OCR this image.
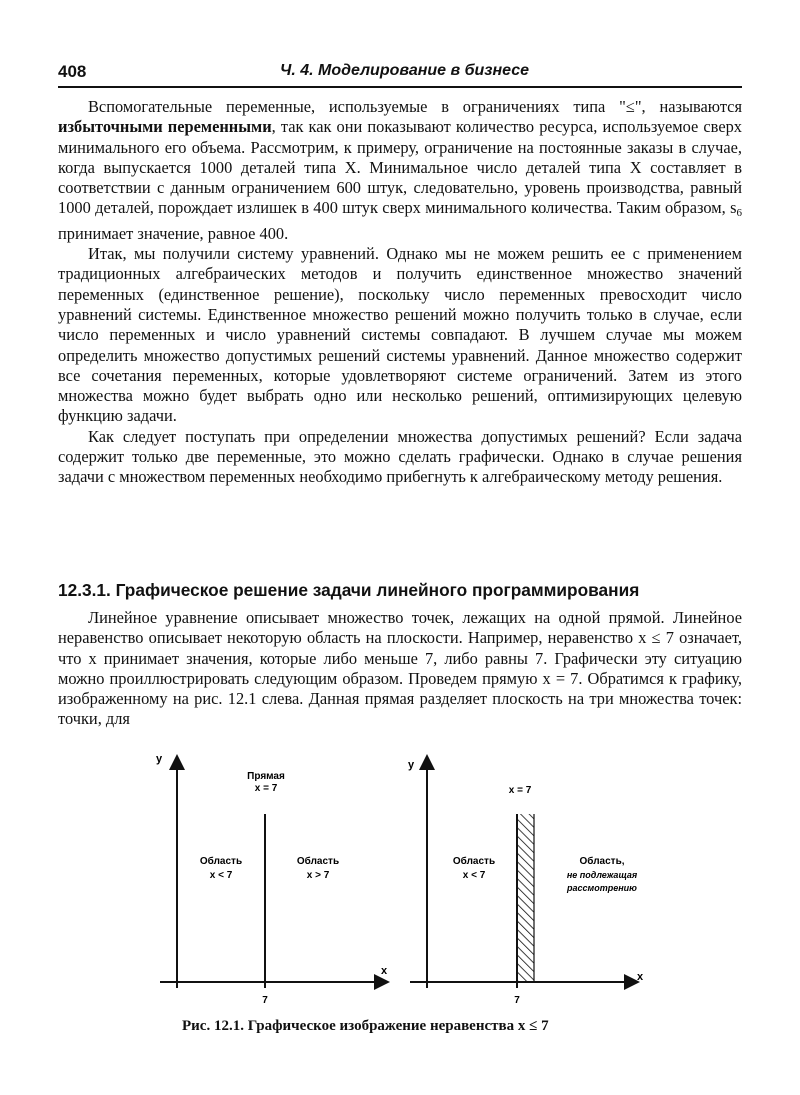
408	Ч. 4. Моделирование в бизнесе

Вспомогательные переменные, используемые в ограничениях типа "≤", называются избыточными переменными, так как они показывают количество ресурса, используемое сверх минимального его объема. Рассмотрим, к примеру, ограничение на постоянные заказы в случае, когда выпускается 1000 деталей типа X. Минимальное число деталей типа X составляет в соответствии с данным ограничением 600 штук, следовательно, уровень производства, равный 1000 деталей, порождает излишек в 400 штук сверх минимального количества. Таким образом, $s_6$ принимает значение, равное 400.

Итак, мы получили систему уравнений. Однако мы не можем решить ее с применением традиционных алгебраических методов и получить единственное множество значений переменных (единственное решение), поскольку число переменных превосходит число уравнений системы. Единственное множество решений можно получить только в случае, если число переменных и число уравнений системы совпадают. В лучшем случае мы можем определить множество допустимых решений системы уравнений. Данное множество содержит все сочетания переменных, которые удовлетворяют системе ограничений. Затем из этого множества можно будет выбрать одно или несколько решений, оптимизирующих целевую функцию задачи.

Как следует поступать при определении множества допустимых решений? Если задача содержит только две переменные, это можно сделать графически. Однако в случае решения задачи с множеством переменных необходимо прибегнуть к алгебраическому методу решения.

12.3.1. Графическое решение задачи линейного программирования

Линейное уравнение описывает множество точек, лежащих на одной прямой. Линейное неравенство описывает некоторую область на плоскости. Например, неравенство x ≤ 7 означает, что x принимает значения, которые либо меньше 7, либо равны 7. Графически эту ситуацию можно проиллюстрировать следующим образом. Проведем прямую x = 7. Обратимся к графику, изображенному на рис. 12.1 слева. Данная прямая разделяет плоскость на три множества точек: точки, для

y
x
Прямая
x = 7
Область
x < 7
Область
x > 7
7
y
x
x = 7
Область
x < 7
Область,
не подлежащая
рассмотрению
7
Рис. 12.1. Графическое изображение неравенства x ≤ 7
